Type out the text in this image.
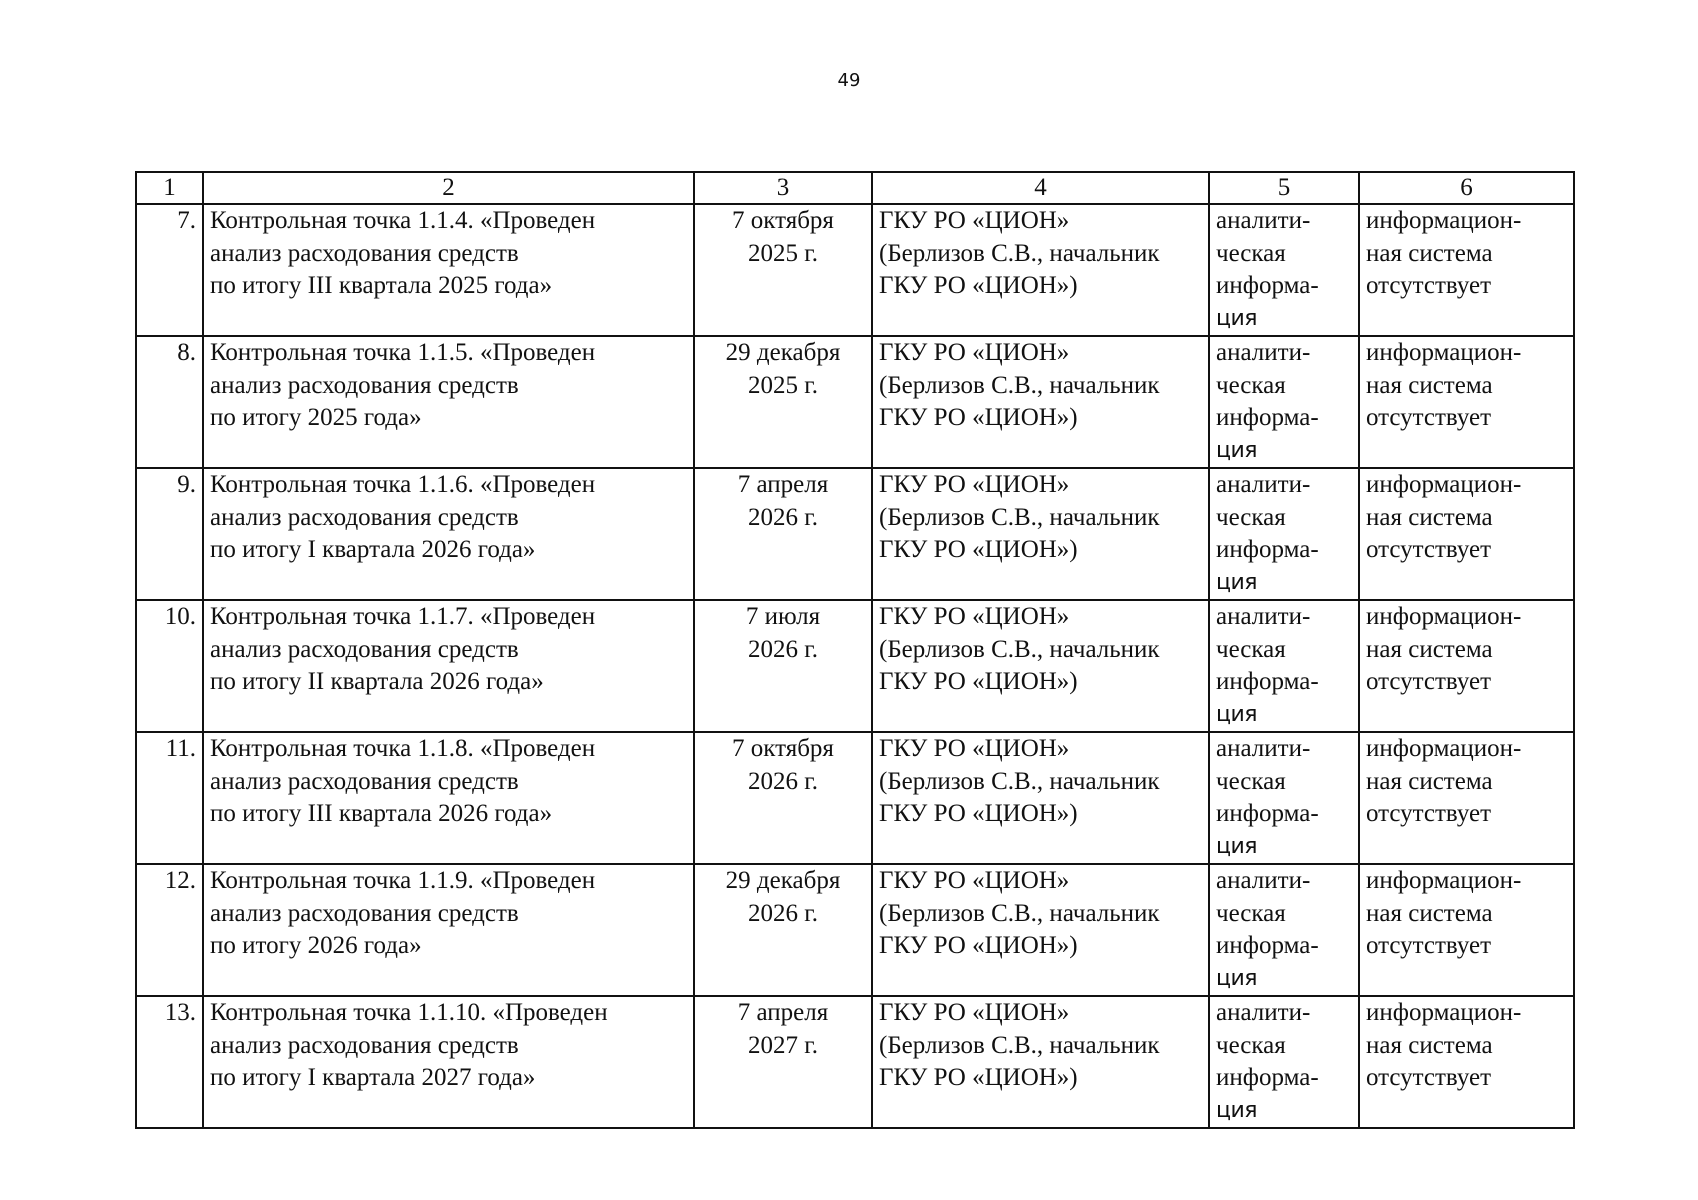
49
1	2	3	4	5	6
7.	Контрольная точка 1.1.4. «Проведен
анализ расходования средств
по итогу III квартала 2025 года»	7 октября
2025 г.	ГКУ РО «ЦИОН»
(Берлизов С.В., начальник
ГКУ РО «ЦИОН»)	аналити-
ческая
информа-
ция	информацион-
ная система
отсутствует

8.	Контрольная точка 1.1.5. «Проведен
анализ расходования средств
по итогу 2025 года»	29 декабря
2025 г.	ГКУ РО «ЦИОН»
(Берлизов С.В., начальник
ГКУ РО «ЦИОН»)	аналити-
ческая
информа-
ция	информацион-
ная система
отсутствует

9.	Контрольная точка 1.1.6. «Проведен
анализ расходования средств
по итогу I квартала 2026 года»	7 апреля
2026 г.	ГКУ РО «ЦИОН»
(Берлизов С.В., начальник
ГКУ РО «ЦИОН»)	аналити-
ческая
информа-
ция	информацион-
ная система
отсутствует

10.	Контрольная точка 1.1.7. «Проведен
анализ расходования средств
по итогу II квартала 2026 года»	7 июля
2026 г.	ГКУ РО «ЦИОН»
(Берлизов С.В., начальник
ГКУ РО «ЦИОН»)	аналити-
ческая
информа-
ция	информацион-
ная система
отсутствует

11.	Контрольная точка 1.1.8. «Проведен
анализ расходования средств
по итогу III квартала 2026 года»	7 октября
2026 г.	ГКУ РО «ЦИОН»
(Берлизов С.В., начальник
ГКУ РО «ЦИОН»)	аналити-
ческая
информа-
ция	информацион-
ная система
отсутствует

12.	Контрольная точка 1.1.9. «Проведен
анализ расходования средств
по итогу 2026 года»	29 декабря
2026 г.	ГКУ РО «ЦИОН»
(Берлизов С.В., начальник
ГКУ РО «ЦИОН»)	аналити-
ческая
информа-
ция	информацион-
ная система
отсутствует

13.	Контрольная точка 1.1.10. «Проведен
анализ расходования средств
по итогу I квартала 2027 года»	7 апреля
2027 г.	ГКУ РО «ЦИОН»
(Берлизов С.В., начальник
ГКУ РО «ЦИОН»)	аналити-
ческая
информа-
ция	информацион-
ная система
отсутствует
